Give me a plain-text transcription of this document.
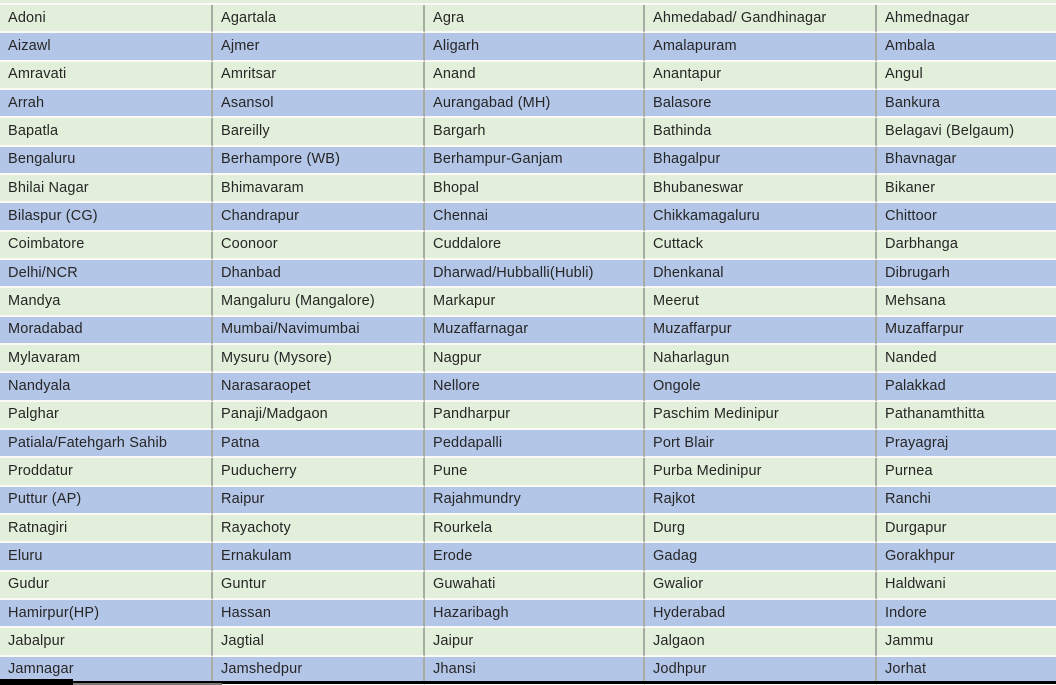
Adoni	Agartala	Agra	Ahmedabad/ Gandhinagar	Ahmednagar
Aizawl	Ajmer	Aligarh	Amalapuram	Ambala
Amravati	Amritsar	Anand	Anantapur	Angul
Arrah	Asansol	Aurangabad (MH)	Balasore	Bankura
Bapatla	Bareilly	Bargarh	Bathinda	Belagavi (Belgaum)
Bengaluru	Berhampore (WB)	Berhampur-Ganjam	Bhagalpur	Bhavnagar
Bhilai Nagar	Bhimavaram	Bhopal	Bhubaneswar	Bikaner
Bilaspur (CG)	Chandrapur	Chennai	Chikkamagaluru	Chittoor
Coimbatore	Coonoor	Cuddalore	Cuttack	Darbhanga
Delhi/NCR	Dhanbad	Dharwad/Hubballi(Hubli)	Dhenkanal	Dibrugarh
Mandya	Mangaluru (Mangalore)	Markapur	Meerut	Mehsana
Moradabad	Mumbai/Navimumbai	Muzaffarnagar	Muzaffarpur	Muzaffarpur
Mylavaram	Mysuru (Mysore)	Nagpur	Naharlagun	Nanded
Nandyala	Narasaraopet	Nellore	Ongole	Palakkad
Palghar	Panaji/Madgaon	Pandharpur	Paschim Medinipur	Pathanamthitta
Patiala/Fatehgarh Sahib	Patna	Peddapalli	Port Blair	Prayagraj
Proddatur	Puducherry	Pune	Purba Medinipur	Purnea
Puttur (AP)	Raipur	Rajahmundry	Rajkot	Ranchi
Ratnagiri	Rayachoty	Rourkela	Durg	Durgapur
Eluru	Ernakulam	Erode	Gadag	Gorakhpur
Gudur	Guntur	Guwahati	Gwalior	Haldwani
Hamirpur(HP)	Hassan	Hazaribagh	Hyderabad	Indore
Jabalpur	Jagtial	Jaipur	Jalgaon	Jammu
Jamnagar	Jamshedpur	Jhansi	Jodhpur	Jorhat
